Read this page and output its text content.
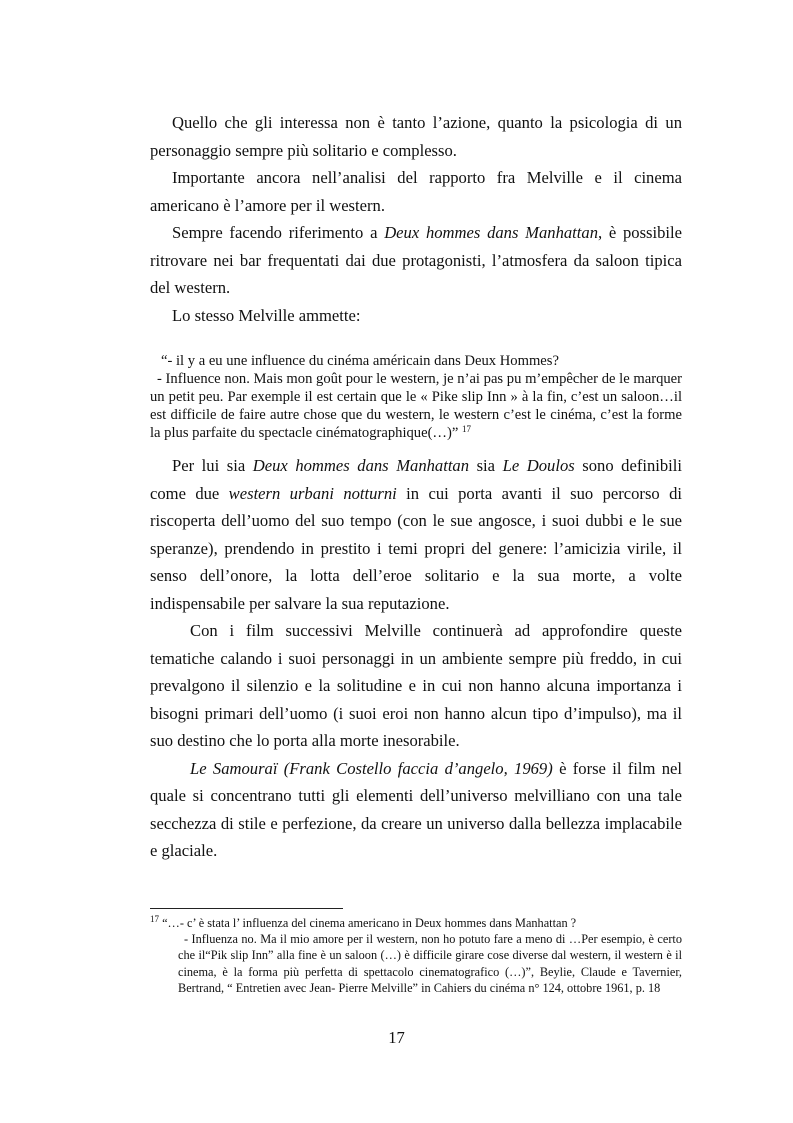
Quello che gli interessa non è tanto l’azione, quanto la psicologia di un personaggio sempre più solitario e complesso.

Importante ancora nell’analisi del rapporto fra Melville e il cinema americano è l’amore per il western.

Sempre facendo riferimento a Deux hommes dans Manhattan, è possibile ritrovare nei bar frequentati dai due protagonisti, l’atmosfera da saloon tipica del western.

Lo stesso Melville ammette:

“- il y a eu une influence du cinéma américain dans Deux Hommes?

- Influence non. Mais mon goût pour le western, je n’ai pas pu m’empêcher de le marquer un petit peu. Par exemple il est certain que le « Pike slip Inn » à la fin, c’est un saloon…il est difficile de faire autre chose que du western, le western c’est le cinéma, c’est la forme la plus parfaite du spectacle cinématographique(…)” $^{17}$

Per lui sia Deux hommes dans Manhattan sia Le Doulos sono definibili come due western urbani notturni in cui porta avanti il suo percorso di riscoperta dell’uomo del suo tempo (con le sue angosce, i suoi dubbi e le sue speranze), prendendo in prestito i temi propri del genere: l’amicizia virile, il senso dell’onore, la lotta dell’eroe solitario e la sua morte, a volte indispensabile per salvare la sua reputazione.

Con i film successivi Melville continuerà ad approfondire queste tematiche calando i suoi personaggi in un ambiente sempre più freddo, in cui prevalgono il silenzio e la solitudine e in cui non hanno alcuna importanza i bisogni primari dell’uomo (i suoi eroi non hanno alcun tipo d’impulso), ma il suo destino che lo porta alla morte inesorabile.

Le Samouraï (Frank Costello faccia d’angelo, 1969) è forse il film nel quale si concentrano tutti gli elementi dell’universo melvilliano con una tale secchezza di stile e perfezione, da creare un universo dalla bellezza implacabile e glaciale.

$^{17}$ “…- c’ è stata l’ influenza del cinema americano in Deux hommes dans Manhattan ?

- Influenza no. Ma il mio amore per il western, non ho potuto fare a meno di …Per esempio, è certo che il“Pik slip Inn” alla fine è un saloon (…) è difficile girare cose diverse dal western, il western è il cinema, è la forma più perfetta di spettacolo cinematografico (…)”, Beylie, Claude e Tavernier, Bertrand, “ Entretien avec Jean- Pierre Melville” in Cahiers du cinéma n° 124, ottobre 1961, p. 18

17
